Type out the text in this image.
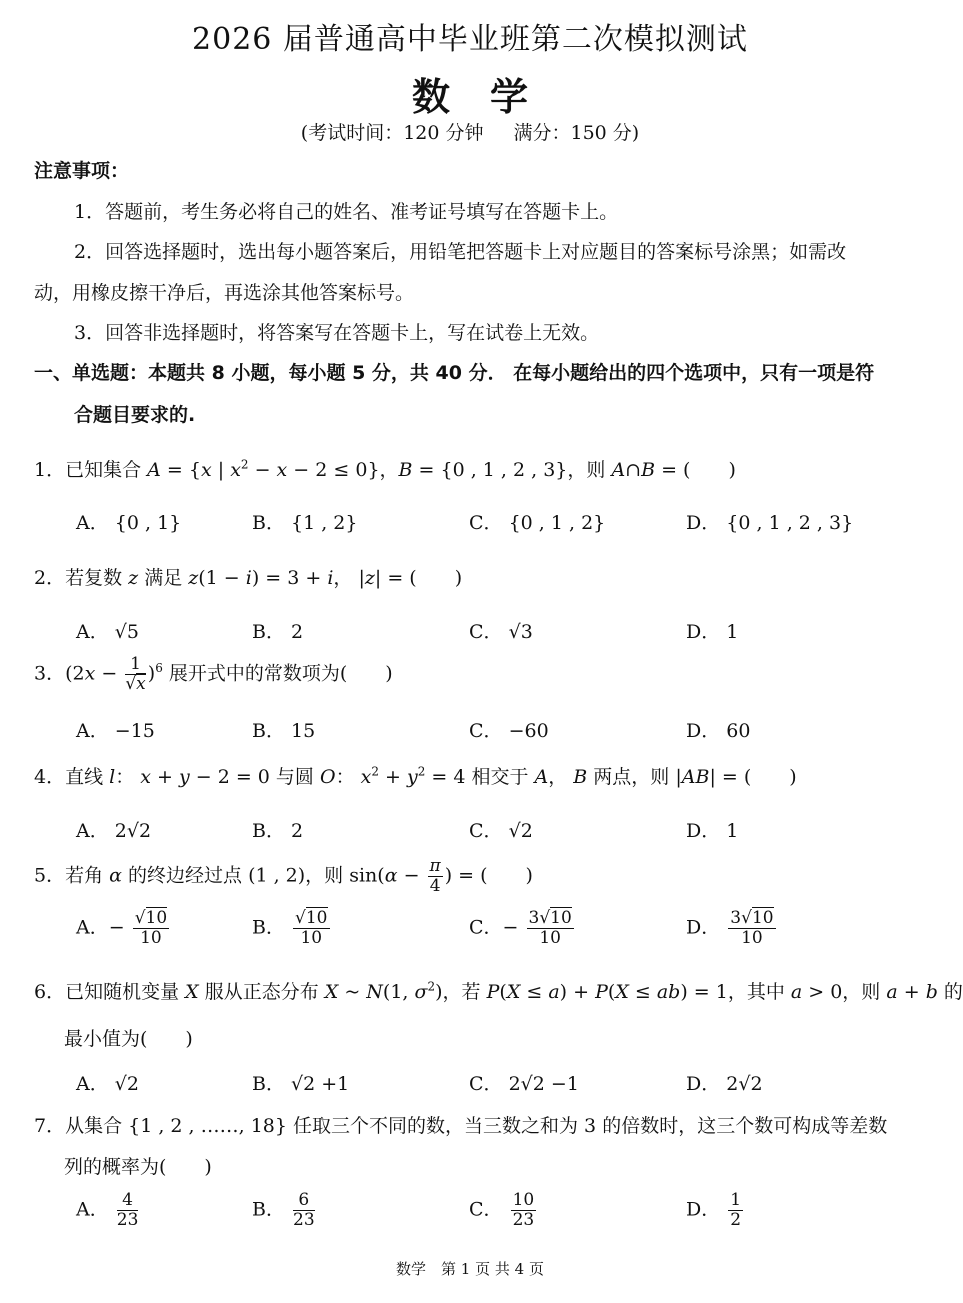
2026 届普通高中毕业班第二次模拟测试
数学
(考试时间：120 分钟 满分：150 分)
注意事项：
1．答题前，考生务必将自己的姓名、准考证号填写在答题卡上。
2．回答选择题时，选出每小题答案后，用铅笔把答题卡上对应题目的答案标号涂黑；如需改
动，用橡皮擦干净后，再选涂其他答案标号。
3．回答非选择题时，将答案写在答题卡上，写在试卷上无效。
一、单选题：本题共 8 小题，每小题 5 分，共 40 分． 在每小题给出的四个选项中，只有一项是符
合题目要求的.
1．已知集合 A = {x | $x^2 - x - 2 \le 0$}，B = {0 , 1 , 2 , 3}，则 A∩B = (　　)
A． {0 , 1}	B． {1 , 2}	C． {0 , 1 , 2}	D． {0 , 1 , 2 , 3}
2．若复数 z 满足 z(1 − i) = 3 + i， |z| = (　　)
A． √5	B． 2	C． √3	D． 1
3．$(2x - \frac{1}{√x} )^6$ 展开式中的常数项为(　　)
A． −15	B． 15	C． −60	D． 60
4．直线 l： x + y − 2 = 0 与圆 O： $x^2 + y^2 = 4$ 相交于 A， B 两点，则 |AB| = (　　)
A． 2√2	B． 2	C． √2	D． 1
5．若角 α 的终边经过点 (1 , 2)，则 $\sin(\alpha - \frac{\pi}{4}$ ) = (　　)
A．− $\frac{√10}{10}$	B． $\frac{√10}{10}$	C．− $\frac{3√10}{10}$	D． $\frac{3√10}{10}$
6．已知随机变量 X 服从正态分布 X ~ N(1, $\sigma^2$)，若 P(X ≤ a) + P(X ≤ ab) = 1，其中 a > 0，则 a + b 的
最小值为(　　)
A． √2	B． √2 +1	C． 2√2 −1	D． 2√2
7．从集合 {1 , 2 , ……, 18} 任取三个不同的数，当三数之和为 3 的倍数时，这三个数可构成等差数
列的概率为(　　)
A． $\frac{4}{23}$	B． $\frac{6}{23}$	C． $\frac{10}{23}$	D． $\frac{1}{2}$
数学　第 1 页 共 4 页
